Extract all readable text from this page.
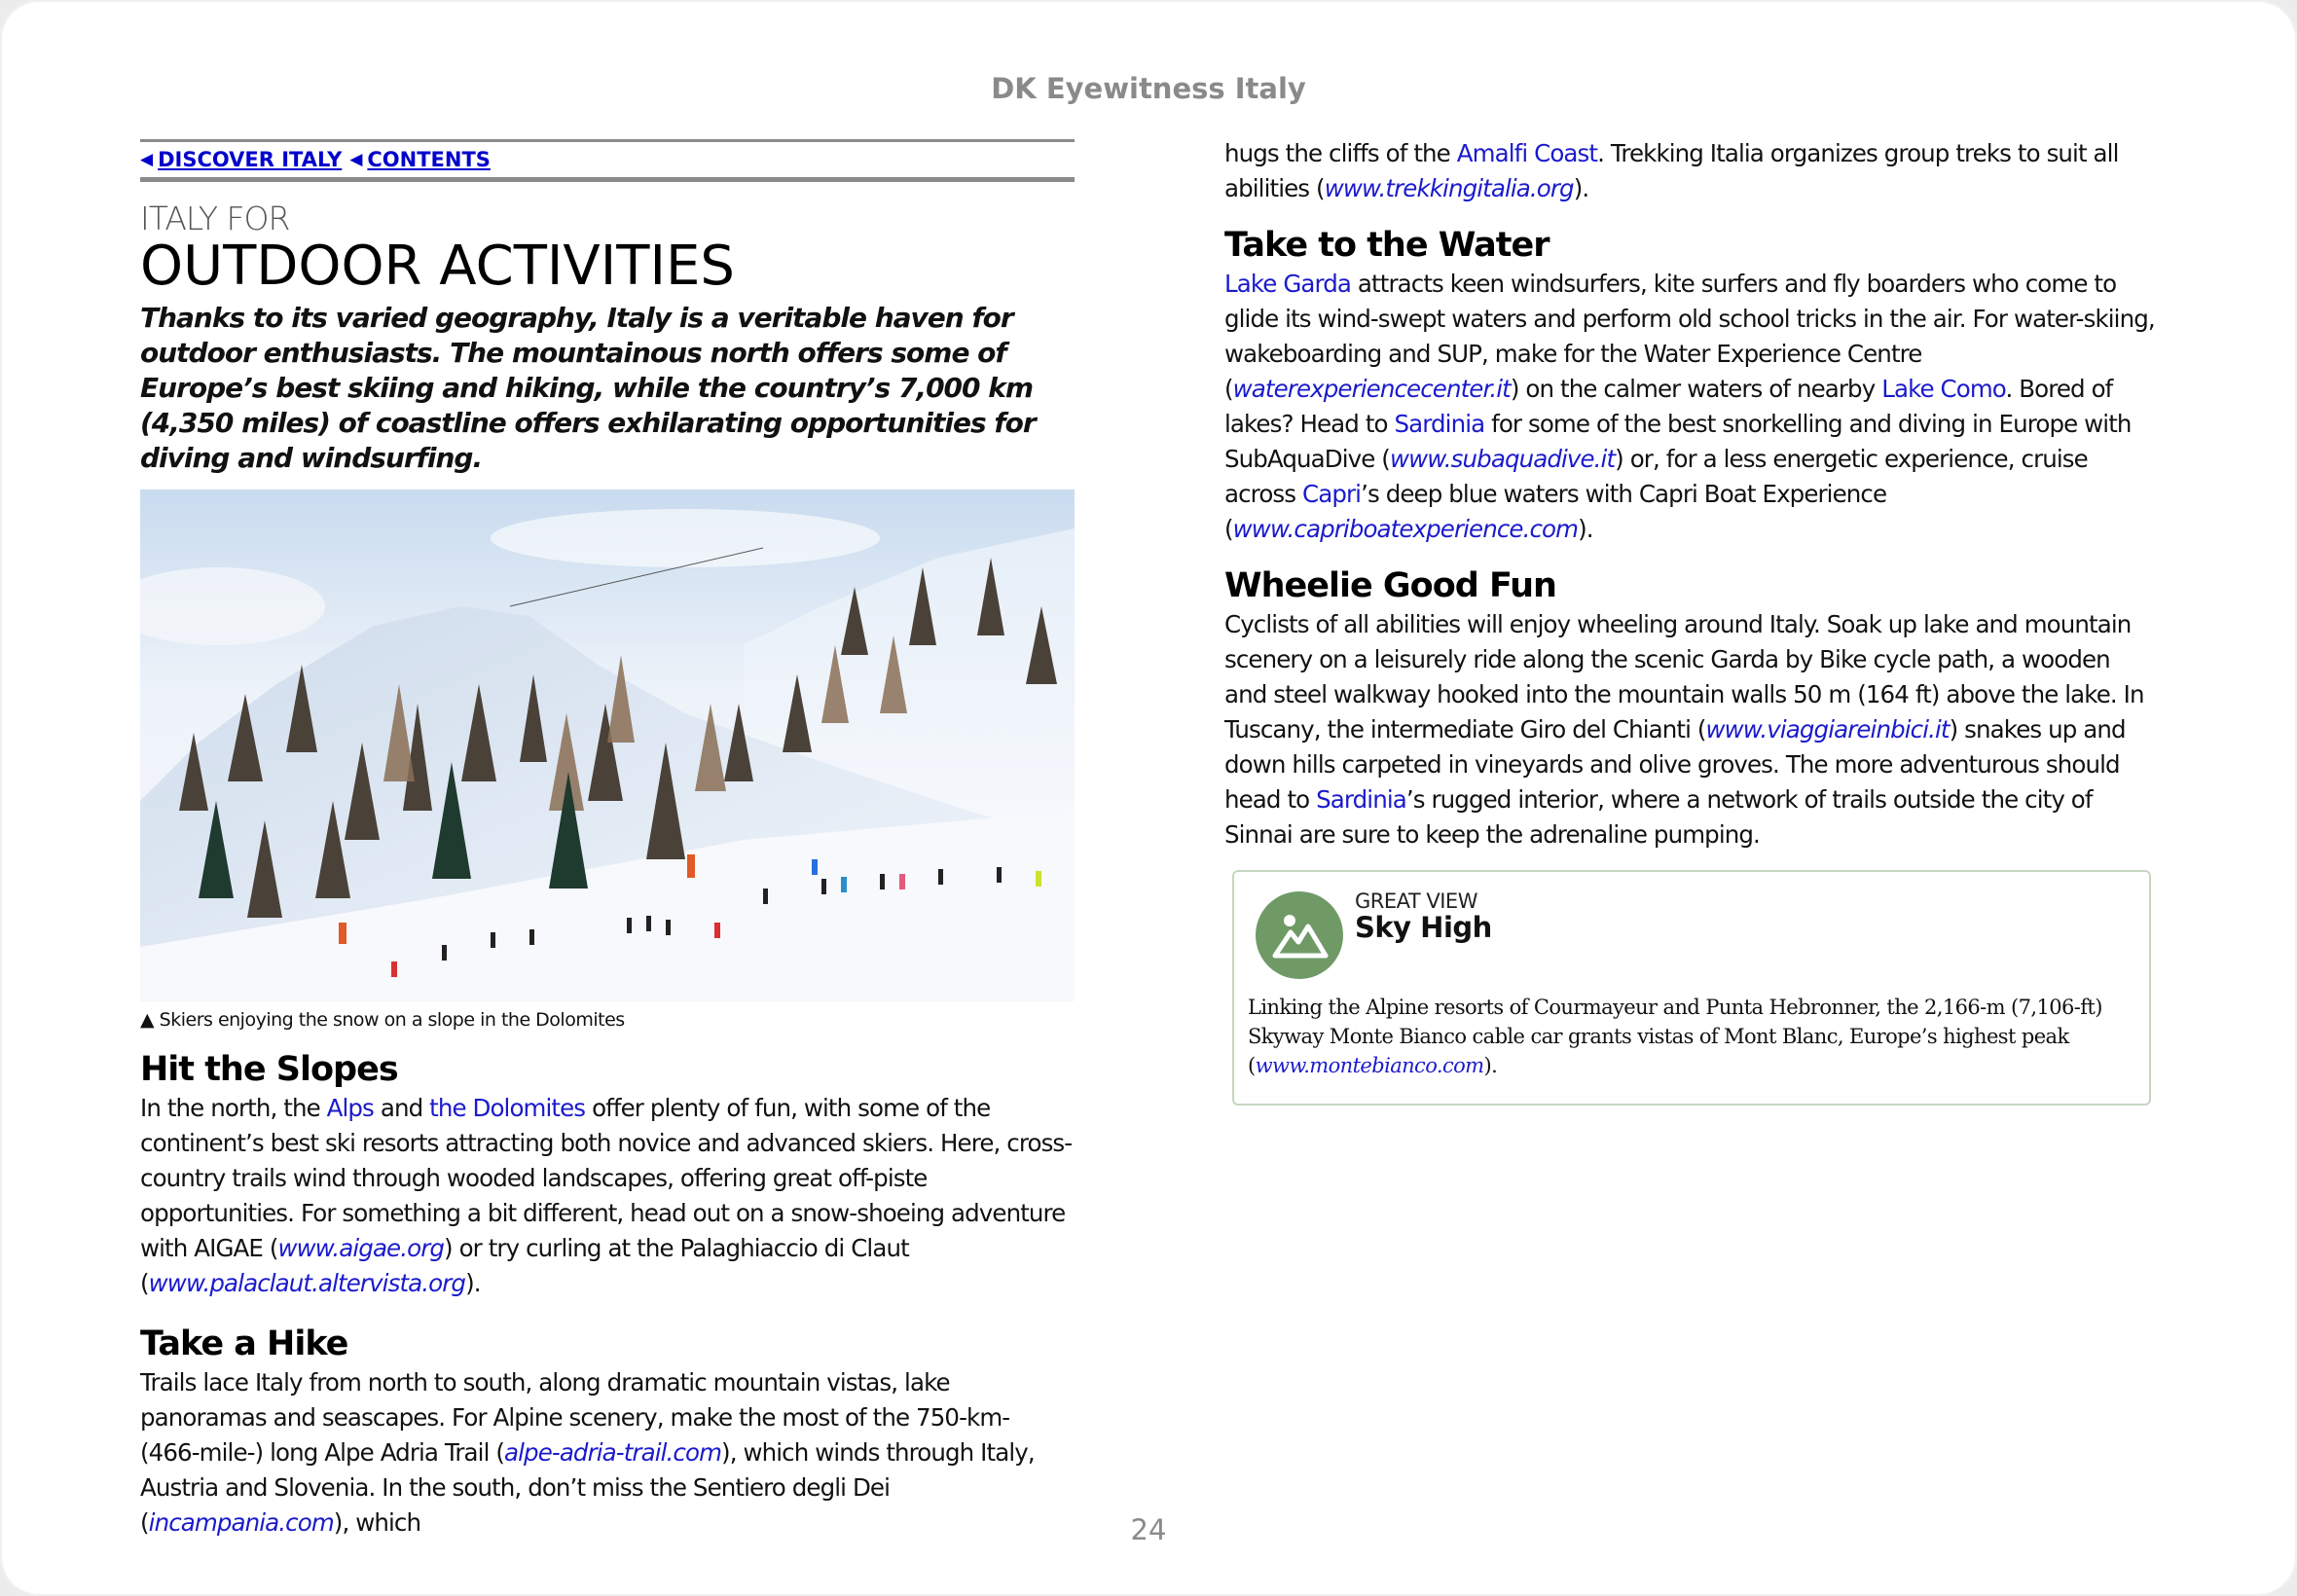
DK Eyewitness Italy
◀ DISCOVER ITALY ◀ CONTENTS
ITALY FOR
OUTDOOR ACTIVITIES
Thanks to its varied geography, Italy is a veritable haven for outdoor enthusiasts. The mountainous north offers some of Europe’s best skiing and hiking, while the country’s 7,000 km (4,350 miles) of coastline offers exhilarating opportunities for diving and windsurfing.
▲ Skiers enjoying the snow on a slope in the Dolomites
Hit the Slopes

In the north, the Alps and the Dolomites offer plenty of fun, with some of the continent’s best ski resorts attracting both novice and advanced skiers. Here, cross-country trails wind through wooded landscapes, offering great off-piste opportunities. For something a bit different, head out on a snow-shoeing adventure with AIGAE (www.aigae.org) or try curling at the Palaghiaccio di Claut (www.palaclaut.altervista.org).

Take a Hike

Trails lace Italy from north to south, along dramatic mountain vistas, lake panoramas and seascapes. For Alpine scenery, make the most of the 750-km- (466-mile-) long Alpe Adria Trail (alpe-adria-trail.com), which winds through Italy, Austria and Slovenia. In the south, don’t miss the Sentiero degli Dei (incampania.com), which

hugs the cliffs of the Amalfi Coast. Trekking Italia organizes group treks to suit all abilities (www.trekkingitalia.org).

Take to the Water

Lake Garda attracts keen windsurfers, kite surfers and fly boarders who come to glide its wind-swept waters and perform old school tricks in the air. For water-skiing, wakeboarding and SUP, make for the Water Experience Centre (waterexperiencecenter.it) on the calmer waters of nearby Lake Como. Bored of lakes? Head to Sardinia for some of the best snorkelling and diving in Europe with SubAquaDive (www.subaquadive.it) or, for a less energetic experience, cruise across Capri’s deep blue waters with Capri Boat Experience (www.capriboatexperience.com).

Wheelie Good Fun

Cyclists of all abilities will enjoy wheeling around Italy. Soak up lake and mountain scenery on a leisurely ride along the scenic Garda by Bike cycle path, a wooden and steel walkway hooked into the mountain walls 50 m (164 ft) above the lake. In Tuscany, the intermediate Giro del Chianti (www.viaggiareinbici.it) snakes up and down hills carpeted in vineyards and olive groves. The more adventurous should head to Sardinia’s rugged interior, where a network of trails outside the city of Sinnai are sure to keep the adrenaline pumping.

GREAT VIEW
Sky High
Linking the Alpine resorts of Courmayeur and Punta Hebronner, the 2,166-m (7,106-ft) Skyway Monte Bianco cable car grants vistas of Mont Blanc, Europe’s highest peak (www.montebianco.com).
24
